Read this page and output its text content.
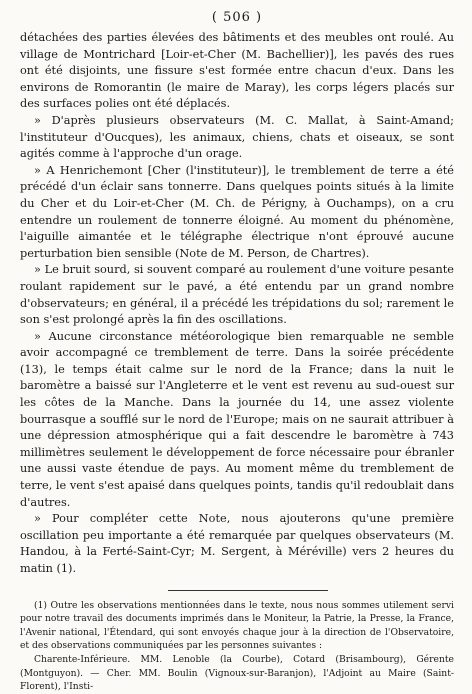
( 506 )

détachées des parties élevées des bâtiments et des meubles ont roulé. Au village de Montrichard [Loir-et-Cher (M. Bachellier)], les pavés des rues ont été disjoints, une fissure s'est formée entre chacun d'eux. Dans les environs de Romorantin (le maire de Maray), les corps légers placés sur des surfaces polies ont été déplacés.

» D'après plusieurs observateurs (M. C. Mallat, à Saint-Amand; l'instituteur d'Oucques), les animaux, chiens, chats et oiseaux, se sont agités comme à l'approche d'un orage.

» A Henrichemont [Cher (l'instituteur)], le tremblement de terre a été précédé d'un éclair sans tonnerre. Dans quelques points situés à la limite du Cher et du Loir-et-Cher (M. Ch. de Périgny, à Ouchamps), on a cru entendre un roulement de tonnerre éloigné. Au moment du phénomène, l'aiguille aimantée et le télégraphe électrique n'ont éprouvé aucune perturbation bien sensible (Note de M. Person, de Chartres).

» Le bruit sourd, si souvent comparé au roulement d'une voiture pesante roulant rapidement sur le pavé, a été entendu par un grand nombre d'observateurs; en général, il a précédé les trépidations du sol; rarement le son s'est prolongé après la fin des oscillations.

» Aucune circonstance météorologique bien remarquable ne semble avoir accompagné ce tremblement de terre. Dans la soirée précédente (13), le temps était calme sur le nord de la France; dans la nuit le baromètre a baissé sur l'Angleterre et le vent est revenu au sud-ouest sur les côtes de la Manche. Dans la journée du 14, une assez violente bourrasque a soufflé sur le nord de l'Europe; mais on ne saurait attribuer à une dépression atmosphérique qui a fait descendre le baromètre à 743 millimètres seulement le développement de force nécessaire pour ébranler une aussi vaste étendue de pays. Au moment même du tremblement de terre, le vent s'est apaisé dans quelques points, tandis qu'il redoublait dans d'autres.

» Pour compléter cette Note, nous ajouterons qu'une première oscillation peu importante a été remarquée par quelques observateurs (M. Handou, à la Ferté-Saint-Cyr; M. Sergent, à Méréville) vers 2 heures du matin (1).

(1) Outre les observations mentionnées dans le texte, nous nous sommes utilement servi pour notre travail des documents imprimés dans le Moniteur, la Patrie, la Presse, la France, l'Avenir national, l'Étendard, qui sont envoyés chaque jour à la direction de l'Observatoire, et des observations communiquées par les personnes suivantes :

Charente-Inférieure. MM. Lenoble (la Courbe), Cotard (Brisambourg), Gérente (Montguyon). — Cher. MM. Boulin (Vignoux-sur-Baranjon), l'Adjoint au Maire (Saint-Florent), l'Insti-
